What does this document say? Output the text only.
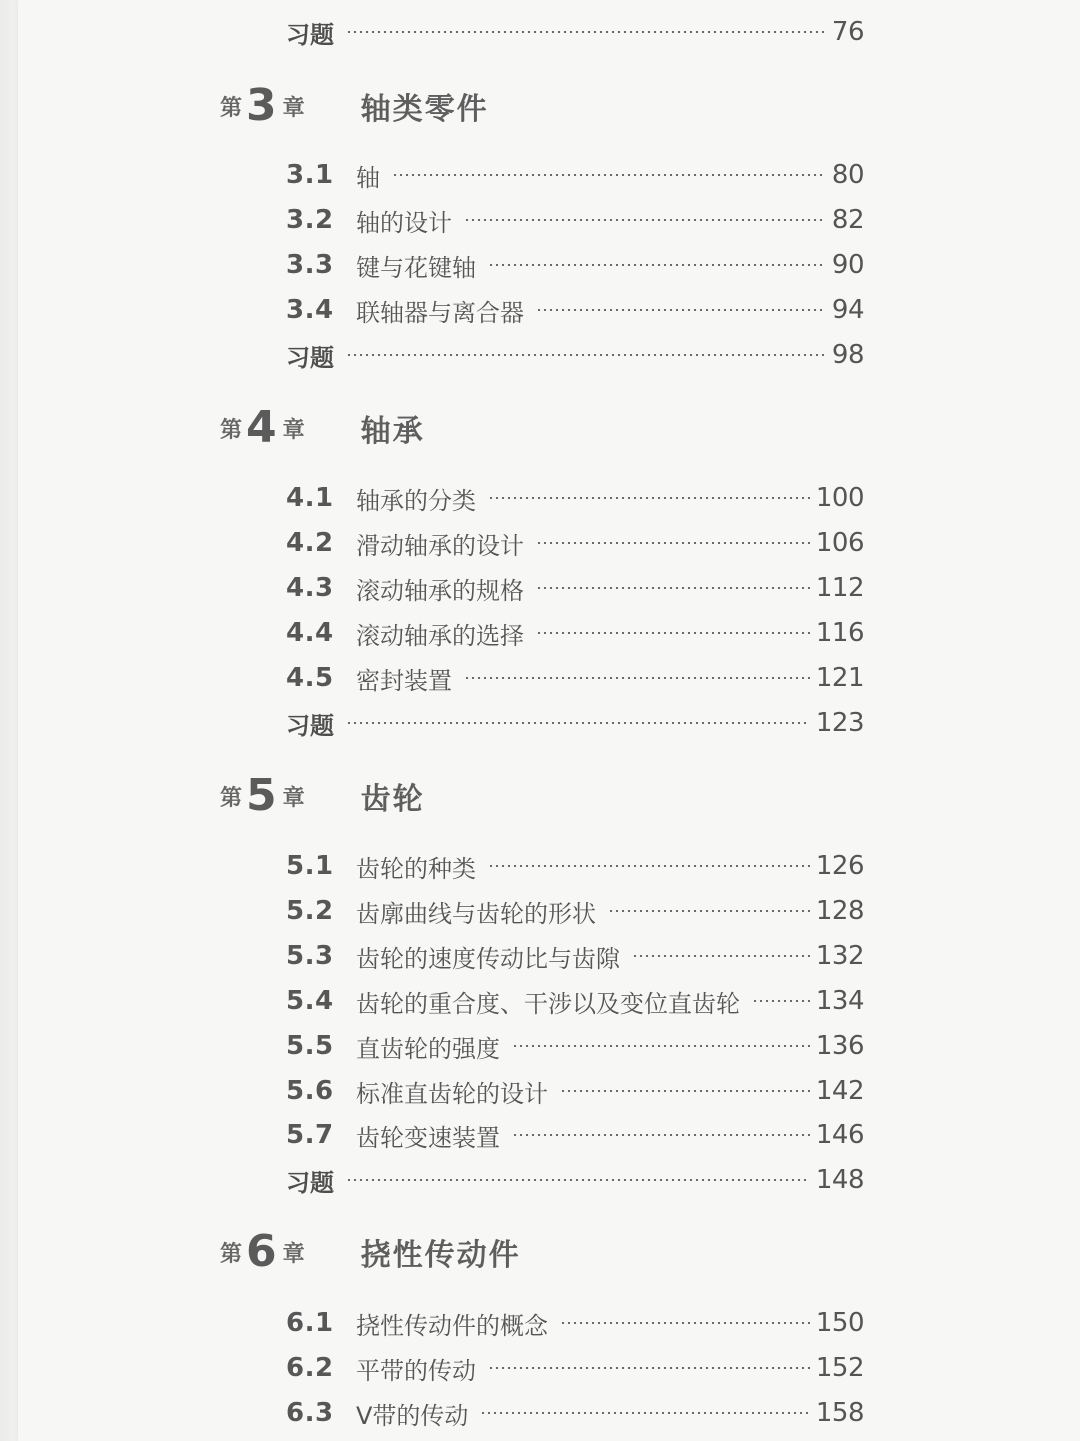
习题	76
第 3 章 轴类零件
3.1 轴	80
3.2 轴的设计	82
3.3 键与花键轴	90
3.4 联轴器与离合器	94
习题	98
第 4 章 轴承
4.1 轴承的分类	100
4.2 滑动轴承的设计	106
4.3 滚动轴承的规格	112
4.4 滚动轴承的选择	116
4.5 密封装置	121
习题	123
第 5 章 齿轮
5.1 齿轮的种类	126
5.2 齿廓曲线与齿轮的形状	128
5.3 齿轮的速度传动比与齿隙	132
5.4 齿轮的重合度、干涉以及变位直齿轮	134
5.5 直齿轮的强度	136
5.6 标准直齿轮的设计	142
5.7 齿轮变速装置	146
习题	148
第 6 章 挠性传动件
6.1 挠性传动件的概念	150
6.2 平带的传动	152
6.3 V带的传动	158
